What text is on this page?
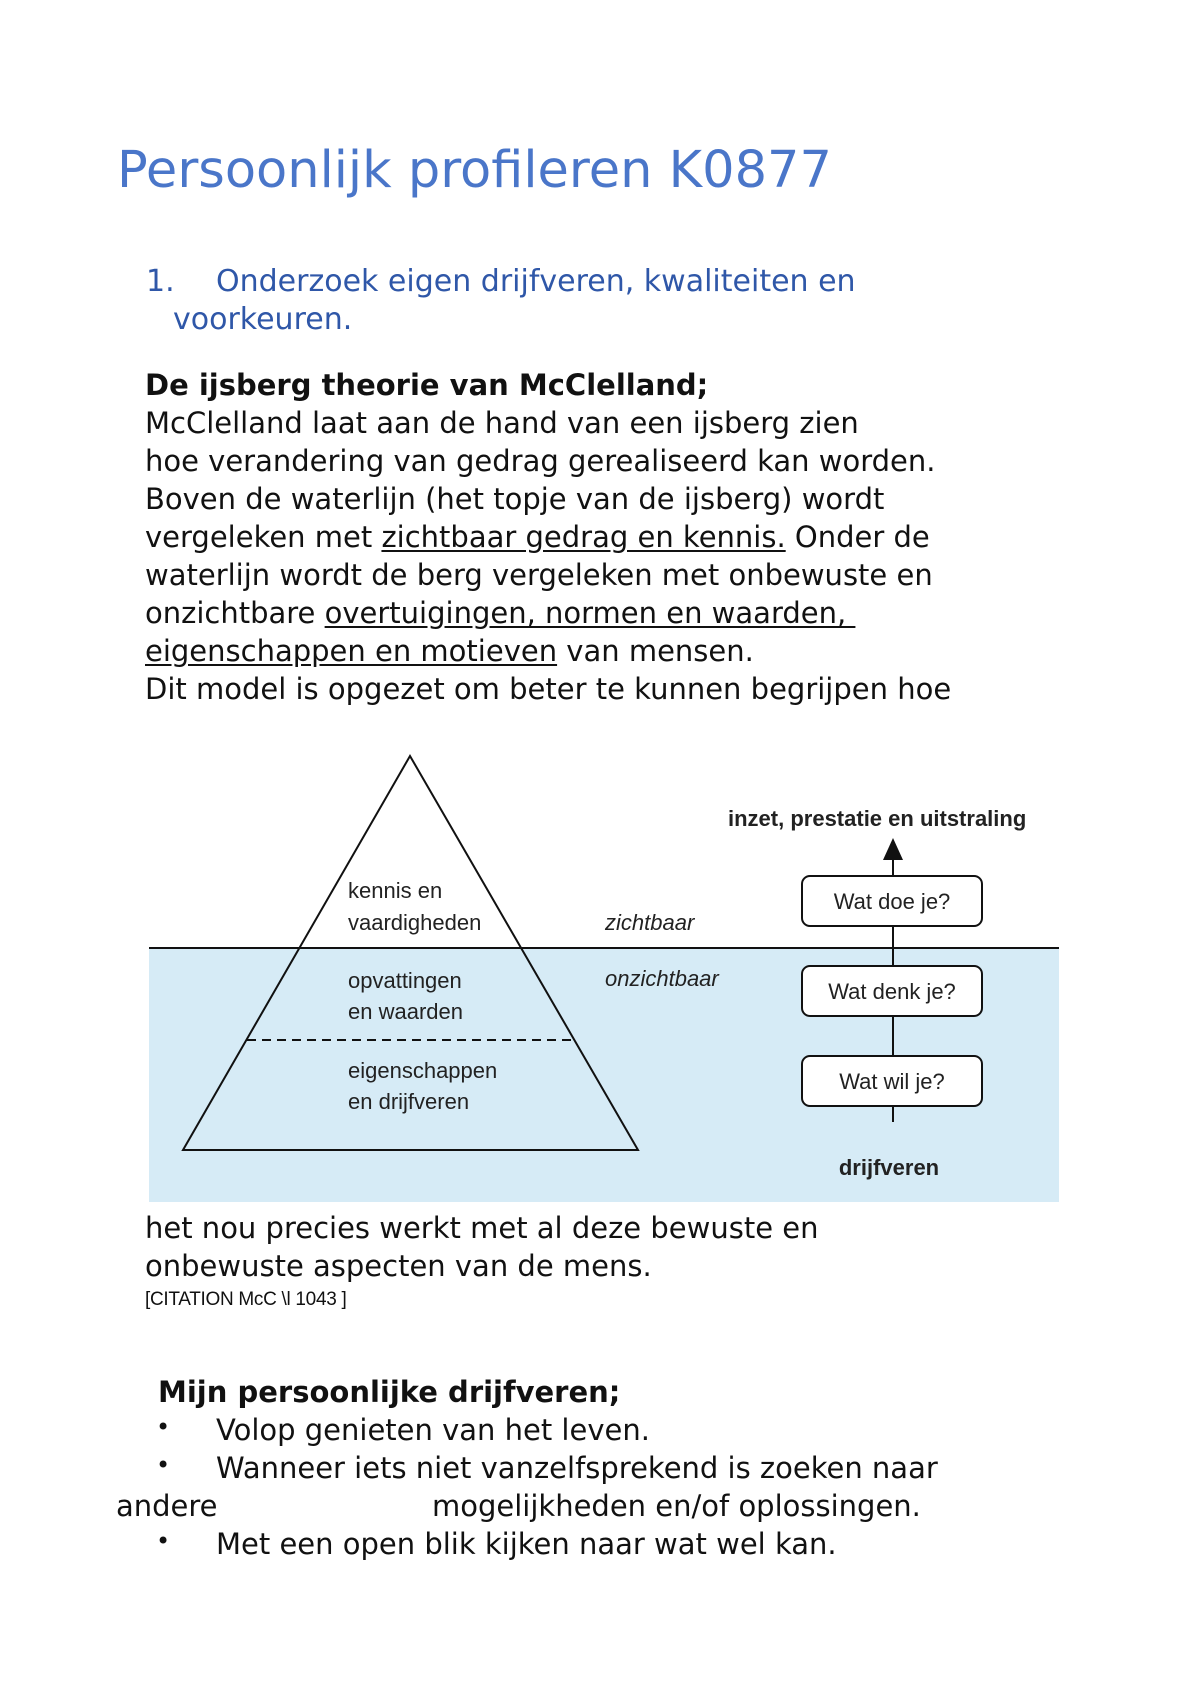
Persoonlijk profileren K0877
1. Onderzoek eigen drijfveren, kwaliteiten en
voorkeuren.
De ijsberg theorie van McClelland;
McClelland laat aan de hand van een ijsberg zien
hoe verandering van gedrag gerealiseerd kan worden.
Boven de waterlijn (het topje van de ijsberg) wordt
vergeleken met zichtbaar gedrag en kennis. Onder de
waterlijn wordt de berg vergeleken met onbewuste en
onzichtbare overtuigingen, normen en waarden,
eigenschappen en motieven van mensen.
Dit model is opgezet om beter te kunnen begrijpen hoe
kennis en
vaardigheden
opvattingen
en waarden
eigenschappen
en drijfveren
zichtbaar
onzichtbaar
inzet, prestatie en uitstraling
Wat doe je?
Wat denk je?
Wat wil je?
drijfveren
het nou precies werkt met al deze bewuste en
onbewuste aspecten van de mens.
[CITATION McC \l 1043 ]
Mijn persoonlijke drijfveren;
• Volop genieten van het leven.
• Wanneer iets niet vanzelfsprekend is zoeken naar
andere	mogelijkheden en/of oplossingen.
• Met een open blik kijken naar wat wel kan.
